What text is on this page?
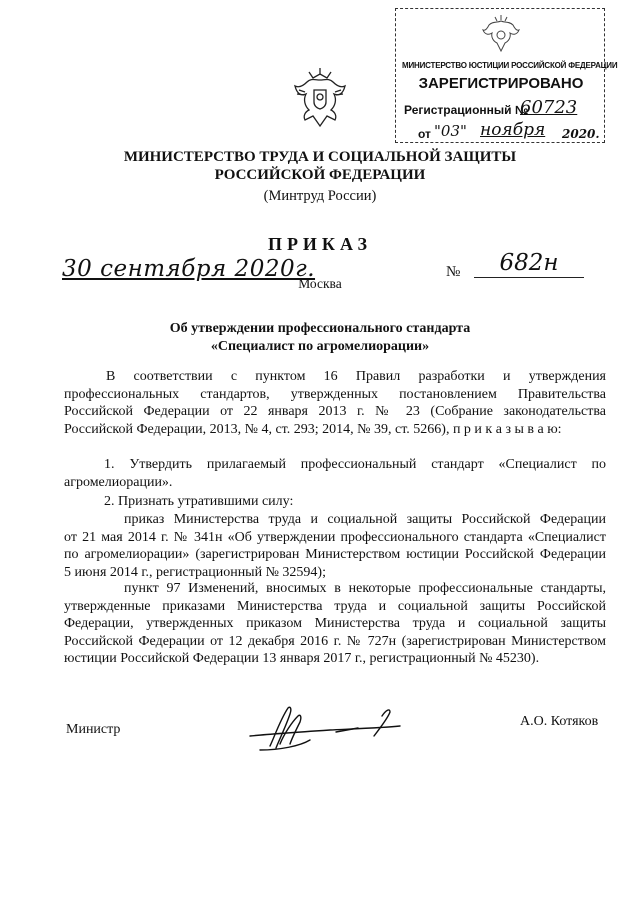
МИНИСТЕРСТВО ЮСТИЦИИ РОССИЙСКОЙ ФЕДЕРАЦИИ
ЗАРЕГИСТРИРОВАНО
Регистрационный №
60723
от "03" ноября 2020.
МИНИСТЕРСТВО ТРУДА И СОЦИАЛЬНОЙ ЗАЩИТЫ
РОССИЙСКОЙ ФЕДЕРАЦИИ
(Минтруд России)
ПРИКАЗ
30 сентября 2020г.	№	682н
Москва
Об утверждении профессионального стандарта
«Специалист по агромелиорации»
В соответствии с пунктом 16 Правил разработки и утверждения
профессиональных стандартов, утвержденных постановлением Правительства
Российской Федерации от 22 января 2013 г. № 23 (Собрание законодательства
Российской Федерации, 2013, № 4, ст. 293; 2014, № 39, ст. 5266), п р и к а з ы в а ю:
1. Утвердить прилагаемый профессиональный стандарт «Специалист по
агромелиорации».
2. Признать утратившими силу:
приказ Министерства труда и социальной защиты Российской Федерации
от 21 мая 2014 г. № 341н «Об утверждении профессионального стандарта «Специалист
по агромелиорации» (зарегистрирован Министерством юстиции Российской Федерации
5 июня 2014 г., регистрационный № 32594);
пункт 97 Изменений, вносимых в некоторые профессиональные стандарты,
утвержденные приказами Министерства труда и социальной защиты Российской
Федерации, утвержденных приказом Министерства труда и социальной защиты
Российской Федерации от 12 декабря 2016 г. № 727н (зарегистрирован Министерством
юстиции Российской Федерации 13 января 2017 г., регистрационный № 45230).
Министр
А.О. Котяков
